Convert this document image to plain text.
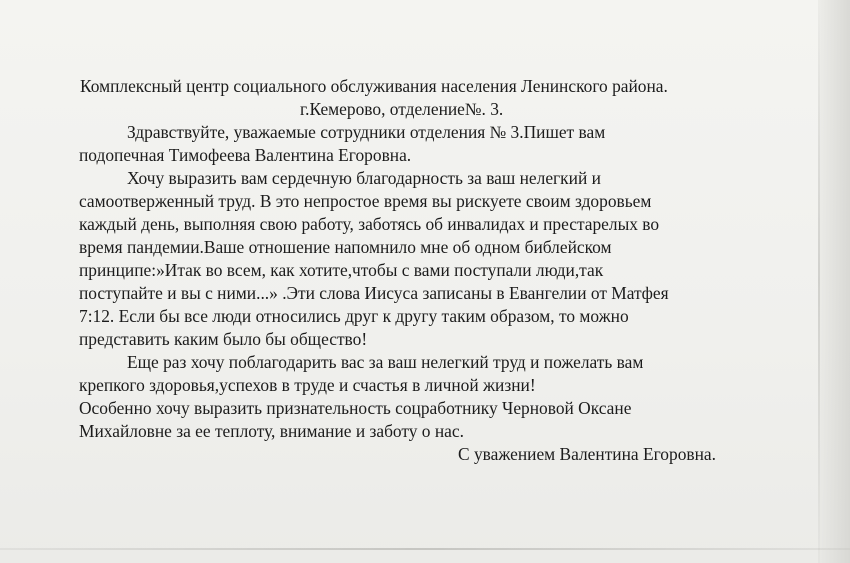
Комплексный центр социального обслуживания населения Ленинского района.

г.Кемерово, отделение№. 3.

Здравствуйте, уважаемые сотрудники отделения № 3.Пишет вам

подопечная Тимофеева Валентина Егоровна.

Хочу выразить вам сердечную благодарность за ваш нелегкий и

самоотверженный труд. В это непростое время вы рискуете своим здоровьем

каждый день, выполняя свою работу, заботясь об инвалидах и престарелых во

время пандемии.Ваше отношение напомнило мне об одном библейском

принципе:»Итак во всем, как хотите,чтобы с вами поступали люди,так

поступайте и вы с ними...» .Эти слова Иисуса записаны в Евангелии от Матфея

7:12. Если бы все люди относились друг к другу таким образом, то можно

представить каким было бы общество!

Еще раз хочу поблагодарить вас за ваш нелегкий труд и пожелать вам

крепкого здоровья,успехов в труде и счастья в личной жизни!

Особенно хочу выразить признательность соцработнику Черновой Оксане

Михайловне за ее теплоту, внимание и заботу о нас.

С уважением Валентина Егоровна.
